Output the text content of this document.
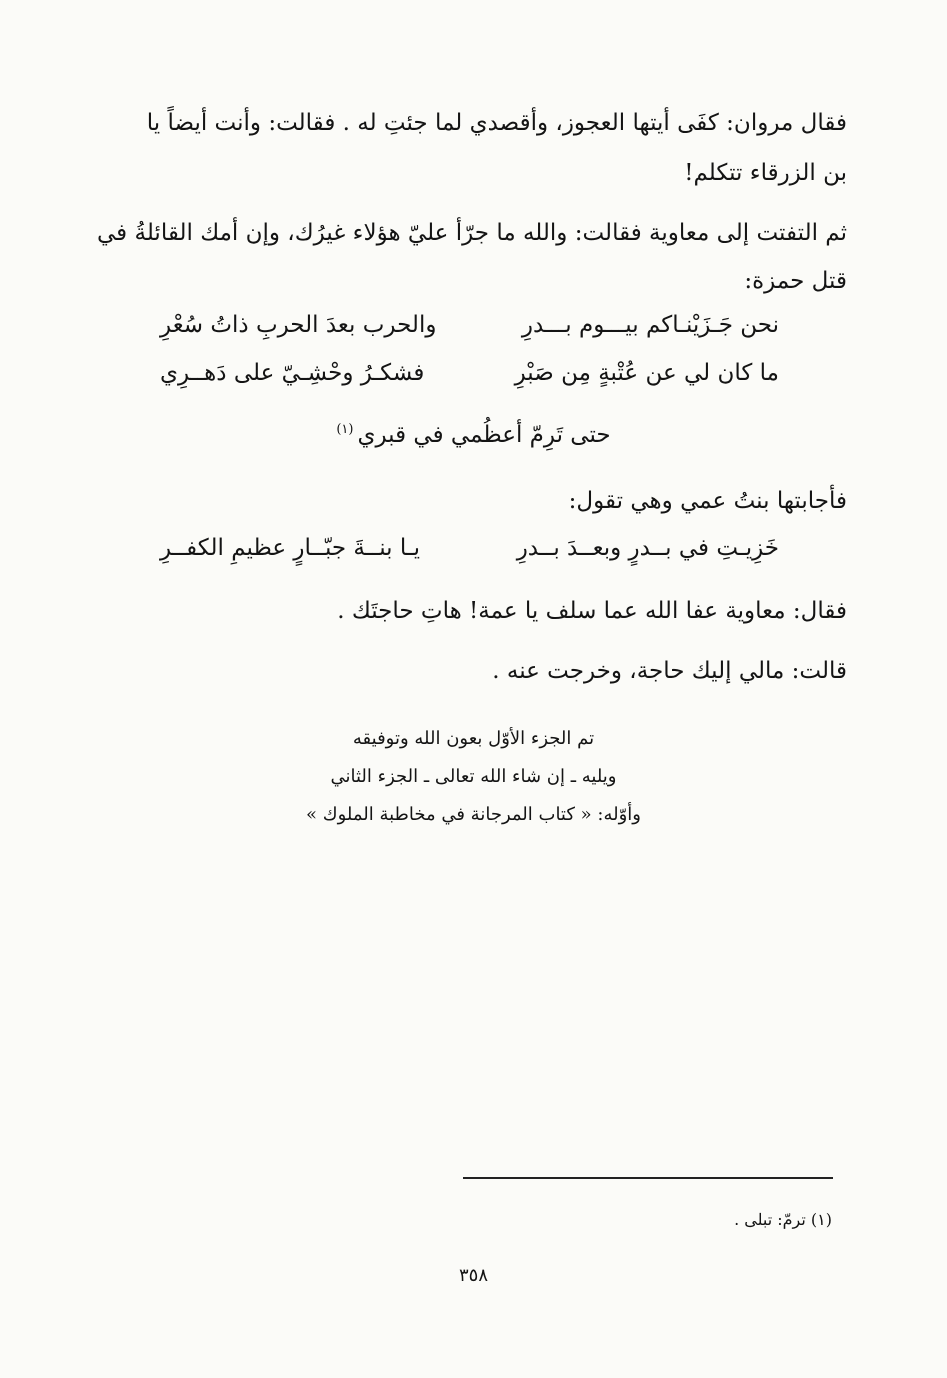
فقال مروان: كفَى أيتها العجوز، وأقصدي لما جئتِ له . فقالت: وأنت أيضاً يا
بن الزرقاء تتكلم!
ثم التفتت إلى معاوية فقالت: والله ما جرّأ عليّ هؤلاء غيرُك، وإن أمك القائلةُ في
قتل حمزة:
نحن جَـزَيْنـاكم بيـــوم بـــدرِ
والحرب بعدَ الحربِ ذاتُ سُعْرِ
ما كان لي عن عُتْبةٍ مِن صَبْرِ
فشكـرُ وحْشِـيّ على دَهــرِي
حتى تَرِمّ أعظُمي في قبري$^{(١)}$
فأجابتها بنتُ عمي وهي تقول:
خَزِيـتِ في بــدرٍ وبعــدَ بــدرِ
يـا بنــةَ جبّــارٍ عظيمِ الكفــرِ
فقال: معاوية عفا الله عما سلف يا عمة! هاتِ حاجتَك .
قالت: مالي إليك حاجة، وخرجت عنه .
تم الجزء الأوّل بعون الله وتوفيقه
ويليه ـ إن شاء الله تعالى ـ الجزء الثاني
وأوّله: « كتاب المرجانة في مخاطبة الملوك »
(١) ترمّ: تبلى .
٣٥٨
